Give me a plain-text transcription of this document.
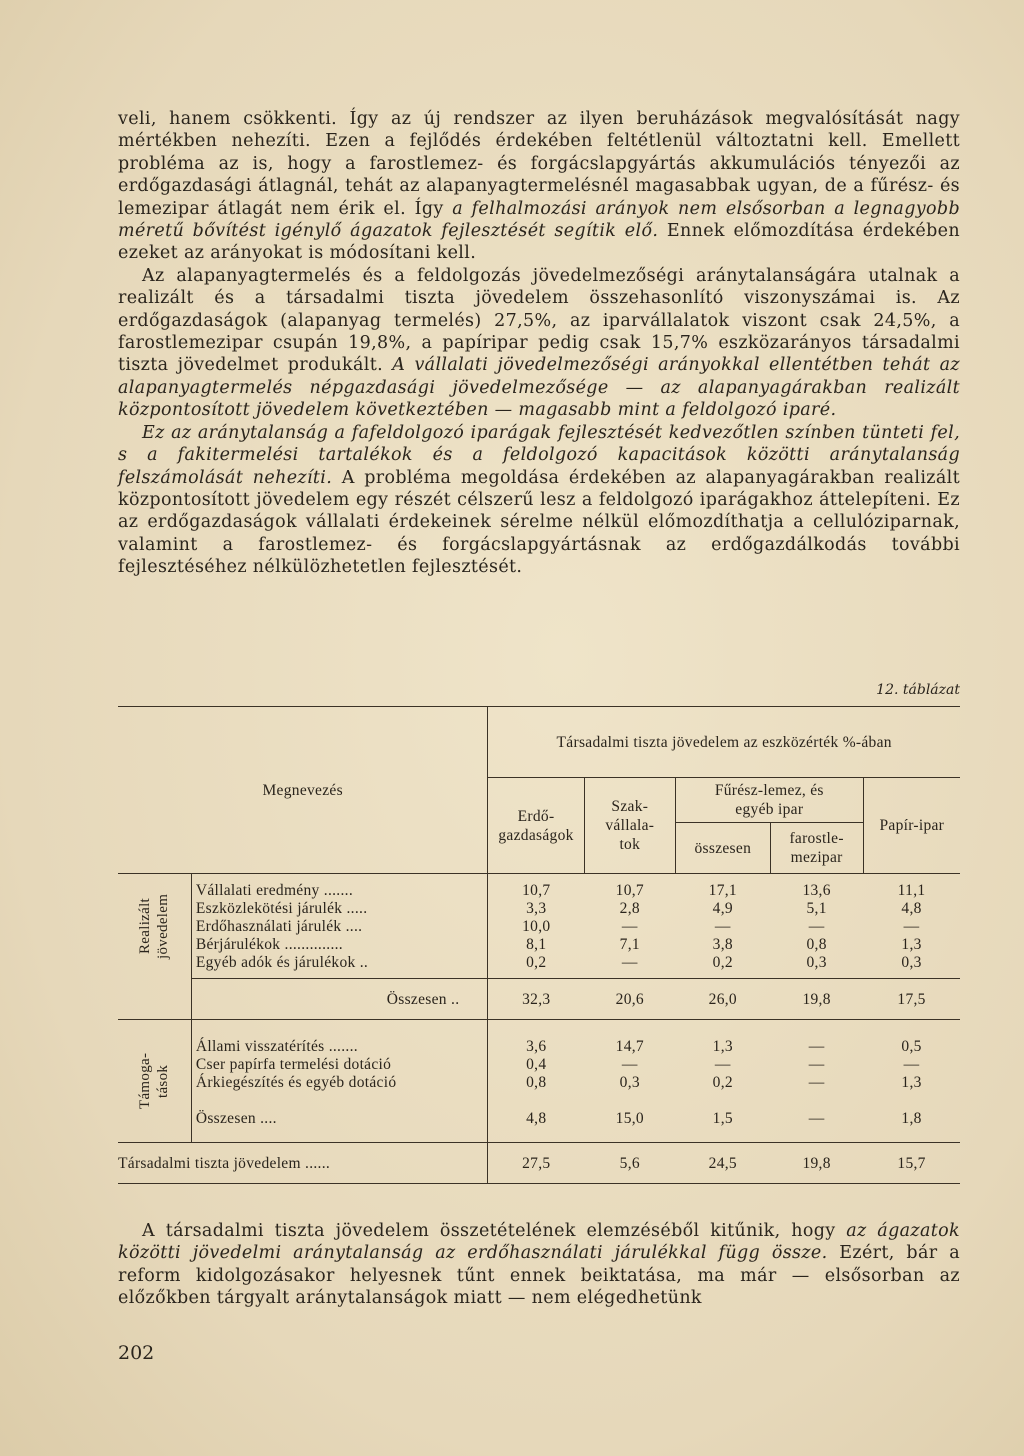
veli, hanem csökkenti. Így az új rendszer az ilyen beruházások megvalósítását nagy mértékben nehezíti. Ezen a fejlődés érdekében feltétlenül változtatni kell. Emellett probléma az is, hogy a farostlemez- és forgácslapgyártás akkumulációs tényezői az erdőgazdasági átlagnál, tehát az alapanyagtermelésnél magasabbak ugyan, de a fűrész- és lemezipar átlagát nem érik el. Így a felhalmozási arányok nem elsősorban a legnagyobb méretű bővítést igénylő ágazatok fejlesztését segítik elő. Ennek előmozdítása érdekében ezeket az arányokat is módosítani kell.

Az alapanyagtermelés és a feldolgozás jövedelmezőségi aránytalanságára utalnak a realizált és a társadalmi tiszta jövedelem összehasonlító viszonyszámai is. Az erdőgazdaságok (alapanyag termelés) 27,5%, az iparvállalatok viszont csak 24,5%, a farostlemezipar csupán 19,8%, a papíripar pedig csak 15,7% eszközarányos társadalmi tiszta jövedelmet produkált. A vállalati jövedelmezőségi arányokkal ellentétben tehát az alapanyagtermelés népgazdasági jövedelmezősége — az alapanyagárakban realizált központosított jövedelem következtében — magasabb mint a feldolgozó iparé.

Ez az aránytalanság a fafeldolgozó iparágak fejlesztését kedvezőtlen színben tünteti fel, s a fakitermelési tartalékok és a feldolgozó kapacitások közötti aránytalanság felszámolását nehezíti. A probléma megoldása érdekében az alapanyagárakban realizált központosított jövedelem egy részét célszerű lesz a feldolgozó iparágakhoz áttelepíteni. Ez az erdőgazdaságok vállalati érdekeinek sérelme nélkül előmozdíthatja a cellulóziparnak, valamint a farostlemez- és forgácslapgyártásnak az erdőgazdálkodás további fejlesztéséhez nélkülözhetetlen fejlesztését.

12. táblázat
Megnevezés		Társadalmi tiszta jövedelem az eszközérték %-ában				
		Erdő-gazdaságok	Szak-vállala-tok	Fűrész-lemez, és egyéb ipar		Papír-ipar
				összesen	farostle-mezipar	

Realizált jövedelem	Vállalati eredmény .......	10,7	10,7	17,1	13,6	11,1
	Eszközlekötési járulék .....	3,3	2,8	4,9	5,1	4,8
	Erdőhasználati járulék ....	10,0	—	—	—	—
	Bérjárulékok ..............	8,1	7,1	3,8	0,8	1,3
	Egyéb adók és járulékok ..	0,2	—	0,2	0,3	0,3
	Összesen ..	32,3	20,6	26,0	19,8	17,5

Támoga-tások	Állami visszatérítés .......	3,6	14,7	1,3	—	0,5
	Cser papírfa termelési dotáció	0,4	—	—	—	—
	Árkiegészítés és egyéb dotáció	0,8	0,3	0,2	—	1,3
	Összesen ....	4,8	15,0	1,5	—	1,8
Társadalmi tiszta jövedelem ......		27,5	5,6	24,5	19,8	15,7

A társadalmi tiszta jövedelem összetételének elemzéséből kitűnik, hogy az ágazatok közötti jövedelmi aránytalanság az erdőhasználati járulékkal függ össze. Ezért, bár a reform kidolgozásakor helyesnek tűnt ennek beiktatása, ma már — elsősorban az előzőkben tárgyalt aránytalanságok miatt — nem elégedhetünk

202
